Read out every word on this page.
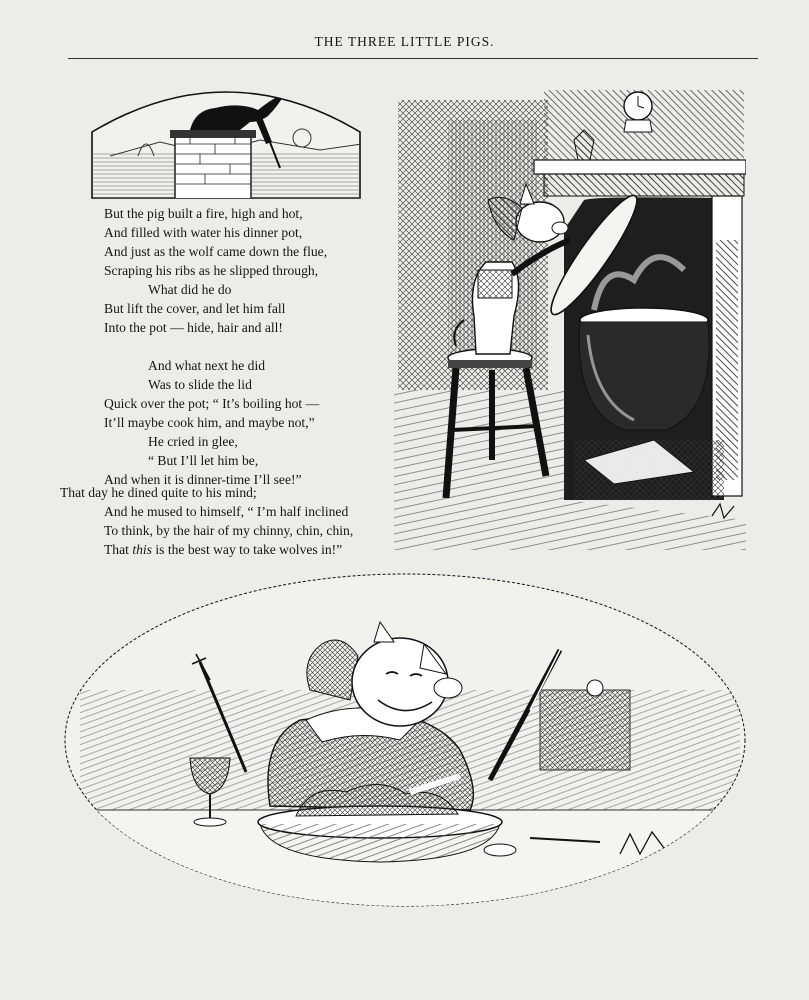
THE THREE LITTLE PIGS.
But the pig built a fire, high and hot,
And filled with water his dinner pot,
And just as the wolf came down the flue,
Scraping his ribs as he slipped through,
What did he do
But lift the cover, and let him fall
Into the pot — hide, hair and all!
And what next he did
Was to slide the lid
Quick over the pot; “ It’s boiling hot —
It’ll maybe cook him, and maybe not,”
He cried in glee,
“ But I’ll let him be,
And when it is dinner-time I’ll see!”
That day he dined quite to his mind;
And he mused to himself, “ I’m half inclined
To think, by the hair of my chinny, chin, chin,
That this is the best way to take wolves in!”
